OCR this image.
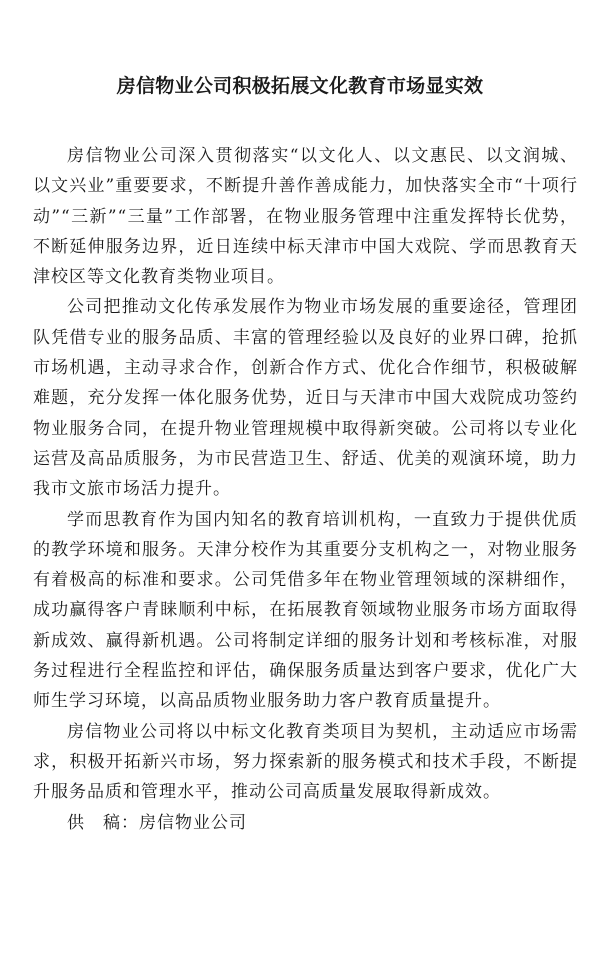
房信物业公司积极拓展文化教育市场显实效

房信物业公司深入贯彻落实“以文化人、以文惠民、以文润城、以文兴业”重要要求，不断提升善作善成能力，加快落实全市“十项行动”“三新”“三量”工作部署，在物业服务管理中注重发挥特长优势，不断延伸服务边界，近日连续中标天津市中国大戏院、学而思教育天津校区等文化教育类物业项目。

公司把推动文化传承发展作为物业市场发展的重要途径，管理团队凭借专业的服务品质、丰富的管理经验以及良好的业界口碑，抢抓市场机遇，主动寻求合作，创新合作方式、优化合作细节，积极破解难题，充分发挥一体化服务优势，近日与天津市中国大戏院成功签约物业服务合同，在提升物业管理规模中取得新突破。公司将以专业化运营及高品质服务，为市民营造卫生、舒适、优美的观演环境，助力我市文旅市场活力提升。

学而思教育作为国内知名的教育培训机构，一直致力于提供优质的教学环境和服务。天津分校作为其重要分支机构之一，对物业服务有着极高的标准和要求。公司凭借多年在物业管理领域的深耕细作，成功赢得客户青睐顺利中标，在拓展教育领域物业服务市场方面取得新成效、赢得新机遇。公司将制定详细的服务计划和考核标准，对服务过程进行全程监控和评估，确保服务质量达到客户要求，优化广大师生学习环境，以高品质物业服务助力客户教育质量提升。

房信物业公司将以中标文化教育类项目为契机，主动适应市场需求，积极开拓新兴市场，努力探索新的服务模式和技术手段，不断提升服务品质和管理水平，推动公司高质量发展取得新成效。

供　稿：房信物业公司
